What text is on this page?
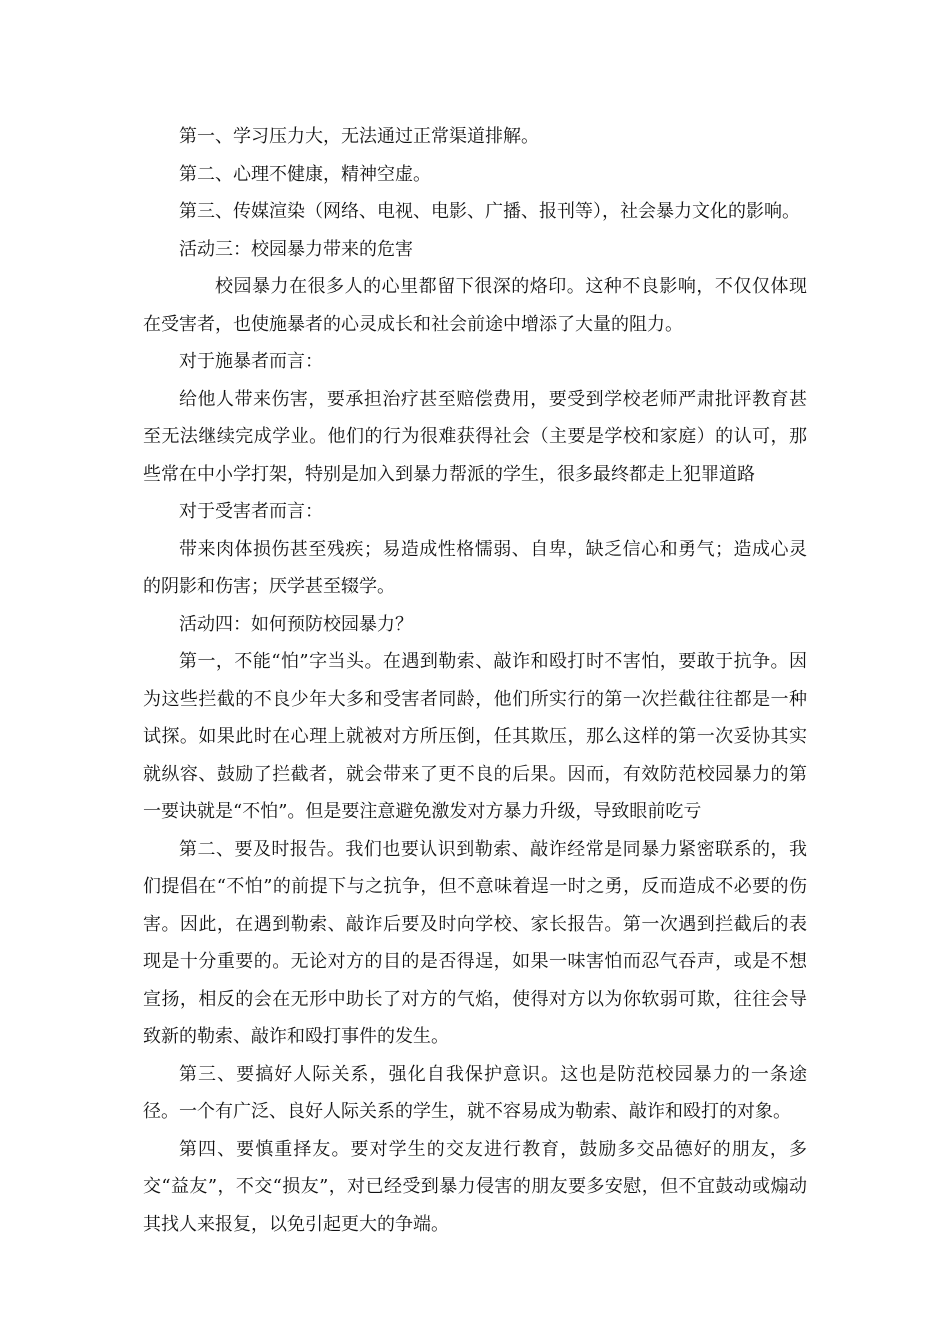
第一、学习压力大，无法通过正常渠道排解。

第二、心理不健康，精神空虚。

第三、传媒渲染（网络、电视、电影、广播、报刊等），社会暴力文化的影响。

活动三：校园暴力带来的危害

校园暴力在很多人的心里都留下很深的烙印。这种不良影响，不仅仅体现在受害者，也使施暴者的心灵成长和社会前途中增添了大量的阻力。

对于施暴者而言：

给他人带来伤害，要承担治疗甚至赔偿费用，要受到学校老师严肃批评教育甚至无法继续完成学业。他们的行为很难获得社会（主要是学校和家庭）的认可，那些常在中小学打架，特别是加入到暴力帮派的学生，很多最终都走上犯罪道路

对于受害者而言：

带来肉体损伤甚至残疾；易造成性格懦弱、自卑，缺乏信心和勇气；造成心灵的阴影和伤害；厌学甚至辍学。

活动四：如何预防校园暴力？

第一，不能“怕”字当头。在遇到勒索、敲诈和殴打时不害怕，要敢于抗争。因为这些拦截的不良少年大多和受害者同龄，他们所实行的第一次拦截往往都是一种试探。如果此时在心理上就被对方所压倒，任其欺压，那么这样的第一次妥协其实就纵容、鼓励了拦截者，就会带来了更不良的后果。因而，有效防范校园暴力的第一要诀就是“不怕”。但是要注意避免激发对方暴力升级，导致眼前吃亏

第二、要及时报告。我们也要认识到勒索、敲诈经常是同暴力紧密联系的，我们提倡在“不怕”的前提下与之抗争，但不意味着逞一时之勇，反而造成不必要的伤害。因此，在遇到勒索、敲诈后要及时向学校、家长报告。第一次遇到拦截后的表现是十分重要的。无论对方的目的是否得逞，如果一味害怕而忍气吞声，或是不想宣扬，相反的会在无形中助长了对方的气焰，使得对方以为你软弱可欺，往往会导致新的勒索、敲诈和殴打事件的发生。

第三、要搞好人际关系，强化自我保护意识。这也是防范校园暴力的一条途径。一个有广泛、良好人际关系的学生，就不容易成为勒索、敲诈和殴打的对象。

第四、要慎重择友。要对学生的交友进行教育，鼓励多交品德好的朋友，多交“益友”，不交“损友”，对已经受到暴力侵害的朋友要多安慰，但不宜鼓动或煽动其找人来报复，以免引起更大的争端。
